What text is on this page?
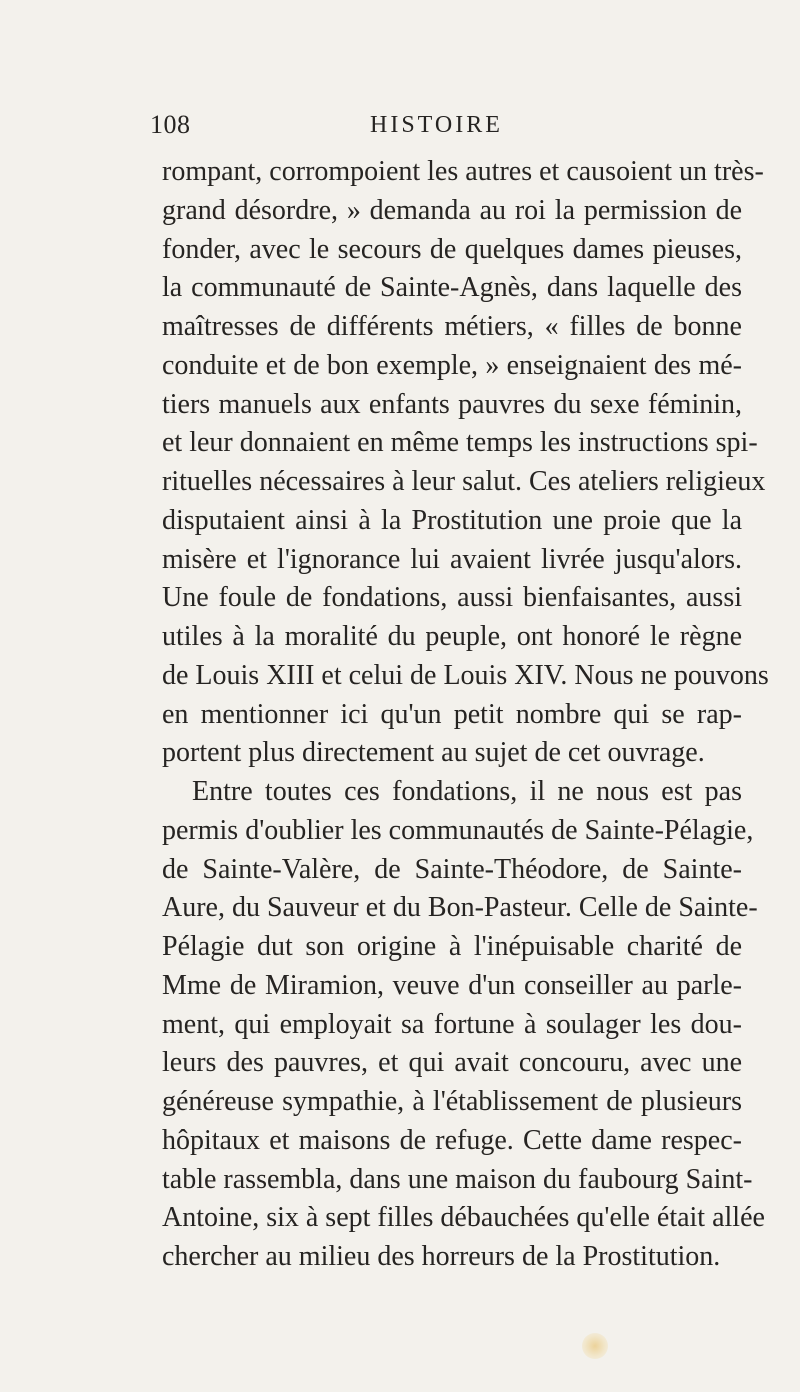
108	HISTOIRE
rompant, corrompoient les autres et causoient un très-
grand désordre, » demanda au roi la permission de
fonder, avec le secours de quelques dames pieuses,
la communauté de Sainte-Agnès, dans laquelle des
maîtresses de différents métiers, « filles de bonne
conduite et de bon exemple, » enseignaient des mé-
tiers manuels aux enfants pauvres du sexe féminin,
et leur donnaient en même temps les instructions spi-
rituelles nécessaires à leur salut. Ces ateliers religieux
disputaient ainsi à la Prostitution une proie que la
misère et l'ignorance lui avaient livrée jusqu'alors.
Une foule de fondations, aussi bienfaisantes, aussi
utiles à la moralité du peuple, ont honoré le règne
de Louis XIII et celui de Louis XIV. Nous ne pouvons
en mentionner ici qu'un petit nombre qui se rap-
portent plus directement au sujet de cet ouvrage.
Entre toutes ces fondations, il ne nous est pas
permis d'oublier les communautés de Sainte-Pélagie,
de Sainte-Valère, de Sainte-Théodore, de Sainte-
Aure, du Sauveur et du Bon-Pasteur. Celle de Sainte-
Pélagie dut son origine à l'inépuisable charité de
Mme de Miramion, veuve d'un conseiller au parle-
ment, qui employait sa fortune à soulager les dou-
leurs des pauvres, et qui avait concouru, avec une
généreuse sympathie, à l'établissement de plusieurs
hôpitaux et maisons de refuge. Cette dame respec-
table rassembla, dans une maison du faubourg Saint-
Antoine, six à sept filles débauchées qu'elle était allée
chercher au milieu des horreurs de la Prostitution.
